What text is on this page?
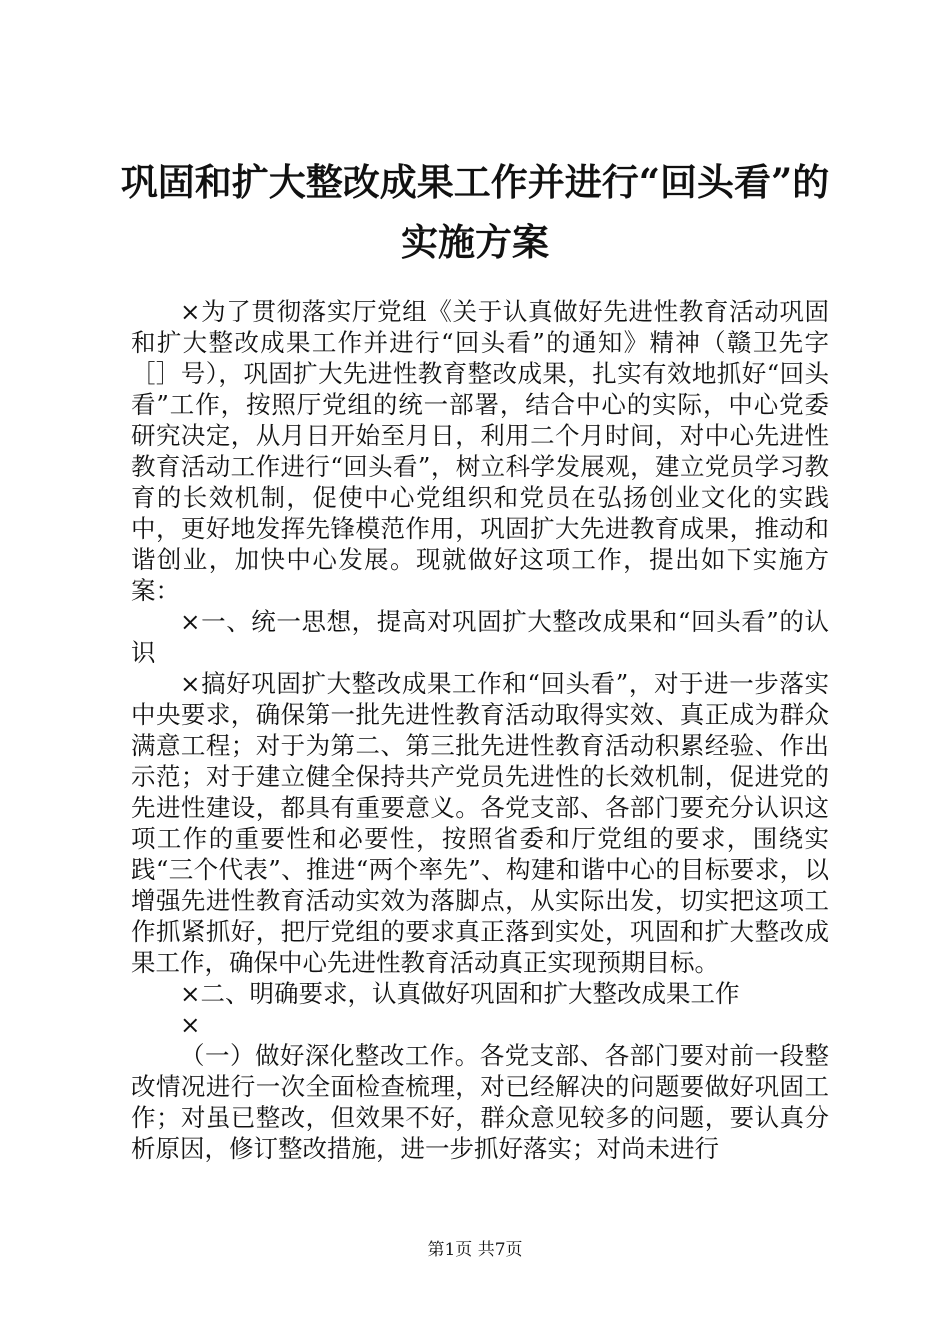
巩固和扩大整改成果工作并进行“回头看”的
实施方案

×为了贯彻落实厅党组《关于认真做好先进性教育活动巩固和扩大整改成果工作并进行“回头看”的通知》精神（赣卫先字［］号），巩固扩大先进性教育整改成果，扎实有效地抓好“回头看”工作，按照厅党组的统一部署，结合中心的实际，中心党委研究决定，从月日开始至月日，利用二个月时间，对中心先进性教育活动工作进行“回头看”，树立科学发展观，建立党员学习教育的长效机制，促使中心党组织和党员在弘扬创业文化的实践中，更好地发挥先锋模范作用，巩固扩大先进教育成果，推动和谐创业，加快中心发展。现就做好这项工作，提出如下实施方案：

×一、统一思想，提高对巩固扩大整改成果和“回头看”的认识

×搞好巩固扩大整改成果工作和“回头看”，对于进一步落实中央要求，确保第一批先进性教育活动取得实效、真正成为群众满意工程；对于为第二、第三批先进性教育活动积累经验、作出示范；对于建立健全保持共产党员先进性的长效机制，促进党的先进性建设，都具有重要意义。各党支部、各部门要充分认识这项工作的重要性和必要性，按照省委和厅党组的要求，围绕实践“三个代表”、推进“两个率先”、构建和谐中心的目标要求，以增强先进性教育活动实效为落脚点，从实际出发，切实把这项工作抓紧抓好，把厅党组的要求真正落到实处，巩固和扩大整改成果工作，确保中心先进性教育活动真正实现预期目标。

×二、明确要求，认真做好巩固和扩大整改成果工作

×

（一）做好深化整改工作。各党支部、各部门要对前一段整改情况进行一次全面检查梳理，对已经解决的问题要做好巩固工作；对虽已整改，但效果不好，群众意见较多的问题，要认真分析原因，修订整改措施，进一步抓好落实；对尚未进行

第1页 共7页
